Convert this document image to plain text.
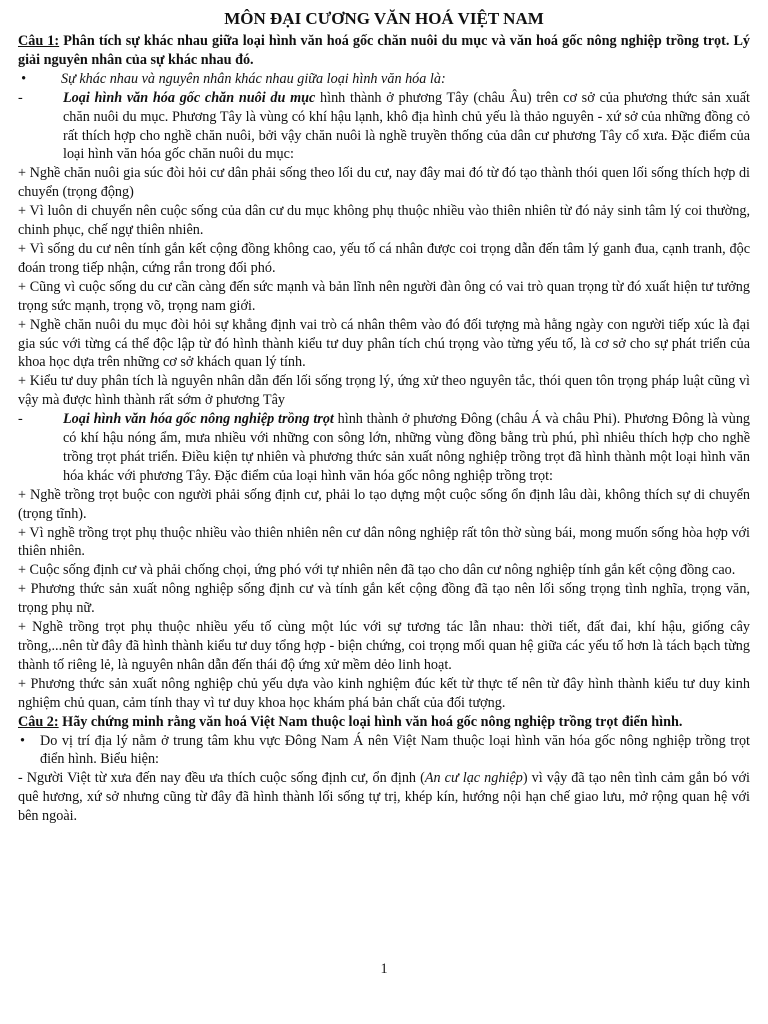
MÔN ĐẠI CƯƠNG VĂN HOÁ VIỆT NAM
Câu 1: Phân tích sự khác nhau giữa loại hình văn hoá gốc chăn nuôi du mục và văn hoá gốc nông nghiệp trồng trọt. Lý giải nguyên nhân của sự khác nhau đó.
• Sự khác nhau và nguyên nhân khác nhau giữa loại hình văn hóa là:
-	Loại hình văn hóa gốc chăn nuôi du mục hình thành ở phương Tây (châu Âu) trên cơ sở của phương thức sản xuất chăn nuôi du mục. Phương Tây là vùng có khí hậu lạnh, khô địa hình chủ yếu là thảo nguyên - xứ sở của những đồng cỏ rất thích hợp cho nghề chăn nuôi, bởi vậy chăn nuôi là nghề truyền thống của dân cư phương Tây cổ xưa. Đặc điểm của loại hình văn hóa gốc chăn nuôi du mục:
+ Nghề chăn nuôi gia súc đòi hỏi cư dân phải sống theo lối du cư, nay đây mai đó từ đó tạo thành thói quen lối sống thích hợp di chuyển (trọng động)
+ Vì luôn di chuyển nên cuộc sống của dân cư du mục không phụ thuộc nhiều vào thiên nhiên từ đó nảy sinh tâm lý coi thường, chinh phục, chế ngự thiên nhiên.
+ Vì sống du cư nên tính gắn kết cộng đồng không cao, yếu tố cá nhân được coi trọng dẫn đến tâm lý ganh đua, cạnh tranh, độc đoán trong tiếp nhận, cứng rắn trong đối phó.
+ Cũng vì cuộc sống du cư cần càng đến sức mạnh và bản lĩnh nên người đàn ông có vai trò quan trọng từ đó xuất hiện tư tưởng trọng sức mạnh, trọng võ, trọng nam giới.
+ Nghề chăn nuôi du mục đòi hỏi sự khẳng định vai trò cá nhân thêm vào đó đối tượng mà hằng ngày con người tiếp xúc là đại gia súc với từng cá thể độc lập từ đó hình thành kiểu tư duy phân tích chú trọng vào từng yếu tố, là cơ sở cho sự phát triển của khoa học dựa trên những cơ sở khách quan lý tính.
+ Kiểu tư duy phân tích là nguyên nhân dẫn đến lối sống trọng lý, ứng xử theo nguyên tắc, thói quen tôn trọng pháp luật cũng vì vậy mà được hình thành rất sớm ở phương Tây
-	Loại hình văn hóa gốc nông nghiệp trồng trọt hình thành ở phương Đông (châu Á và châu Phi). Phương Đông là vùng có khí hậu nóng ẩm, mưa nhiều với những con sông lớn, những vùng đồng bằng trù phú, phì nhiêu thích hợp cho nghề trồng trọt phát triển. Điều kiện tự nhiên và phương thức sản xuất nông nghiệp trồng trọt đã hình thành một loại hình văn hóa khác với phương Tây. Đặc điểm của loại hình văn hóa gốc nông nghiệp trồng trọt:
+ Nghề trồng trọt buộc con người phải sống định cư, phải lo tạo dựng một cuộc sống ổn định lâu dài, không thích sự di chuyển (trọng tĩnh).
+ Vì nghề trồng trọt phụ thuộc nhiều vào thiên nhiên nên cư dân nông nghiệp rất tôn thờ sùng bái, mong muốn sống hòa hợp với thiên nhiên.
+ Cuộc sống định cư và phải chống chọi, ứng phó với tự nhiên nên đã tạo cho dân cư nông nghiệp tính gắn kết cộng đồng cao.
+ Phương thức sản xuất nông nghiệp sống định cư và tính gắn kết cộng đồng đã tạo nên lối sống trọng tình nghĩa, trọng văn, trọng phụ nữ.
+ Nghề trồng trọt phụ thuộc nhiều yếu tố cùng một lúc với sự tương tác lẫn nhau: thời tiết, đất đai, khí hậu, giống cây trồng,...nên từ đây đã hình thành kiểu tư duy tổng hợp - biện chứng, coi trọng mối quan hệ giữa các yếu tố hơn là tách bạch từng thành tố riêng lẻ, là nguyên nhân dẫn đến thái độ ứng xử mềm dẻo linh hoạt.
+ Phương thức sản xuất nông nghiệp chủ yếu dựa vào kinh nghiệm đúc kết từ thực tế nên từ đây hình thành kiểu tư duy kinh nghiệm chủ quan, cảm tính thay vì tư duy khoa học khám phá bản chất của đối tượng.
Câu 2: Hãy chứng minh rằng văn hoá Việt Nam thuộc loại hình văn hoá gốc nông nghiệp trồng trọt điển hình.
• Do vị trí địa lý nằm ở trung tâm khu vực Đông Nam Á nên Việt Nam thuộc loại hình văn hóa gốc nông nghiệp trồng trọt điển hình. Biểu hiện:
- Người Việt từ xưa đến nay đều ưa thích cuộc sống định cư, ổn định (An cư lạc nghiệp) vì vậy đã tạo nên tình cảm gắn bó với quê hương, xứ sở nhưng cũng từ đây đã hình thành lối sống tự trị, khép kín, hướng nội hạn chế giao lưu, mở rộng quan hệ với bên ngoài.
1
